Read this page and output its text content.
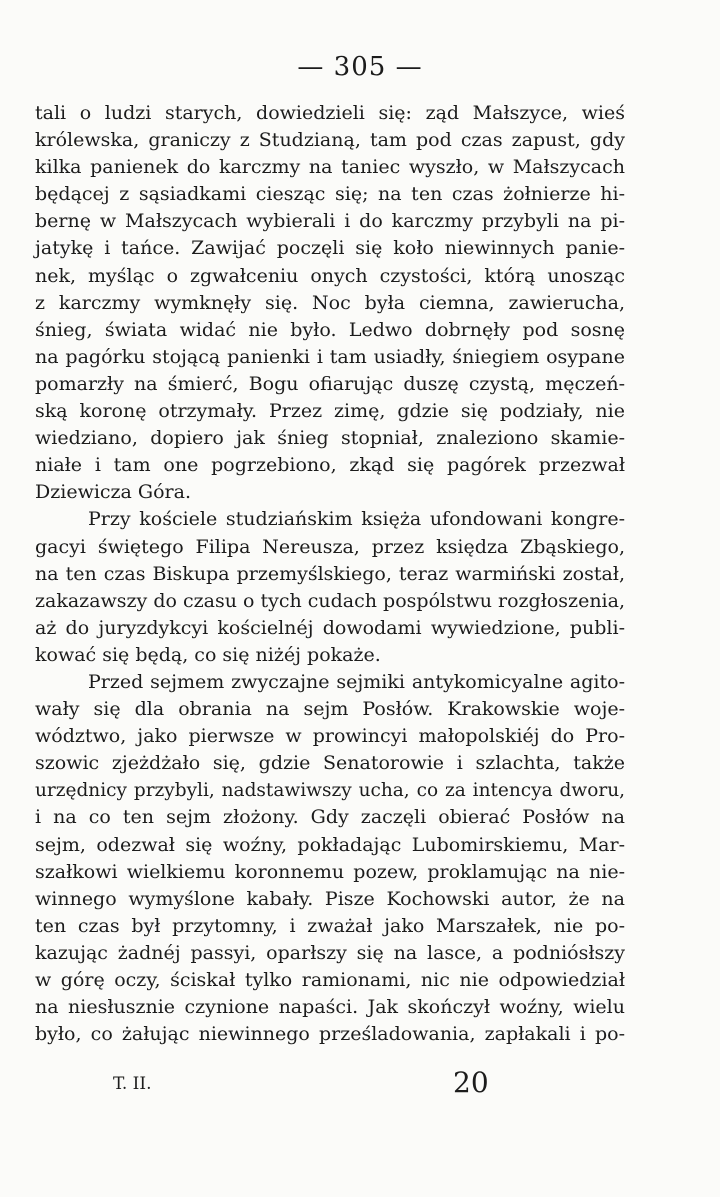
— 305 —
tali o ludzi starych, dowiedzieli się: ząd Małszyce, wieś
królewska, graniczy z Studzianą, tam pod czas zapust, gdy
kilka panienek do karczmy na taniec wyszło, w Małszycach
będącej z sąsiadkami ciesząc się; na ten czas żołnierze hi-
bernę w Małszycach wybierali i do karczmy przybyli na pi-
jatykę i tańce. Zawijać poczęli się koło niewinnych panie-
nek, myśląc o zgwałceniu onych czystości, którą unosząc
z karczmy wymknęły się. Noc była ciemna, zawierucha,
śnieg, świata widać nie było. Ledwo dobrnęły pod sosnę
na pagórku stojącą panienki i tam usiadły, śniegiem osypane
pomarzły na śmierć, Bogu ofiarując duszę czystą, męczeń-
ską koronę otrzymały. Przez zimę, gdzie się podziały, nie
wiedziano, dopiero jak śnieg stopniał, znaleziono skamie-
niałe i tam one pogrzebiono, zkąd się pagórek przezwał
Dziewicza Góra.
Przy kościele studziańskim księża ufondowani kongre-
gacyi świętego Filipa Nereusza, przez księdza Zbąskiego,
na ten czas Biskupa przemyślskiego, teraz warmiński został,
zakazawszy do czasu o tych cudach pospólstwu rozgłoszenia,
aż do juryzdykcyi kościelnéj dowodami wywiedzione, publi-
kować się będą, co się niżéj pokaże.
Przed sejmem zwyczajne sejmiki antykomicyalne agito-
wały się dla obrania na sejm Posłów. Krakowskie woje-
wództwo, jako pierwsze w prowincyi małopolskiéj do Pro-
szowic zjeżdżało się, gdzie Senatorowie i szlachta, także
urzędnicy przybyli, nadstawiwszy ucha, co za intencya dworu,
i na co ten sejm złożony. Gdy zaczęli obierać Posłów na
sejm, odezwał się woźny, pokładając Lubomirskiemu, Mar-
szałkowi wielkiemu koronnemu pozew, proklamując na nie-
winnego wymyślone kabały. Pisze Kochowski autor, że na
ten czas był przytomny, i zważał jako Marszałek, nie po-
kazując żadnéj passyi, oparłszy się na lasce, a podniósłszy
w górę oczy, ściskał tylko ramionami, nic nie odpowiedział
na niesłusznie czynione napaści. Jak skończył woźny, wielu
było, co żałując niewinnego prześladowania, zapłakali i po-
T. II.	20
